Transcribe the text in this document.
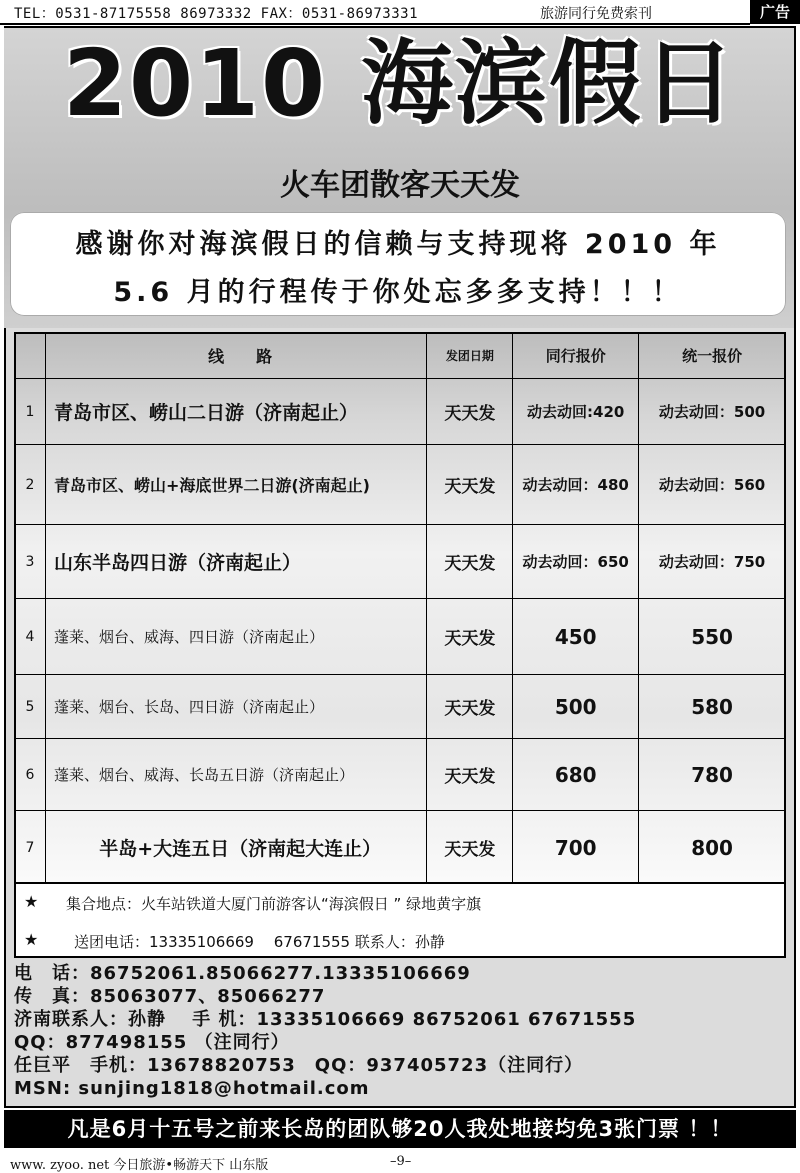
TEL：0531-87175558 86973332 FAX：0531-86973331	旅游同行免费索刊	广告
2010 海滨假日
火车团散客天天发
感谢你对海滨假日的信赖与支持现将 2010 年
5.6 月的行程传于你处忘多多支持！！！
	线　　路	发团日期	同行报价	统一报价
1	青岛市区、崂山二日游（济南起止）	天天发	动去动回:420	动去动回：500
2	青岛市区、崂山+海底世界二日游(济南起止)	天天发	动去动回：480	动去动回：560
3	山东半岛四日游（济南起止）	天天发	动去动回：650	动去动回：750
4	蓬莱、烟台、威海、四日游（济南起止）	天天发	450	550
5	蓬莱、烟台、长岛、四日游（济南起止）	天天发	500	580
6	蓬莱、烟台、威海、长岛五日游（济南起止）	天天发	680	780
7	半岛+大连五日（济南起大连止）	天天发	700	800
★ 集合地点：火车站铁道大厦门前游客认“海滨假日 ” 绿地黄字旗
★ 送团电话：13335106669　 67671555 联系人：孙静
电　话：86752061.85066277.13335106669
传　真：85063077、85066277
济南联系人：孙静　 手 机：13335106669 86752061 67671555
QQ：877498155 （注同行）
任巨平　手机：13678820753　QQ：937405723（注同行）
MSN: sunjing1818@hotmail.com
凡是6月十五号之前来长岛的团队够20人我处地接均免3张门票 ！！
www. zyoo. net 今日旅游•畅游天下 山东版	–9–
